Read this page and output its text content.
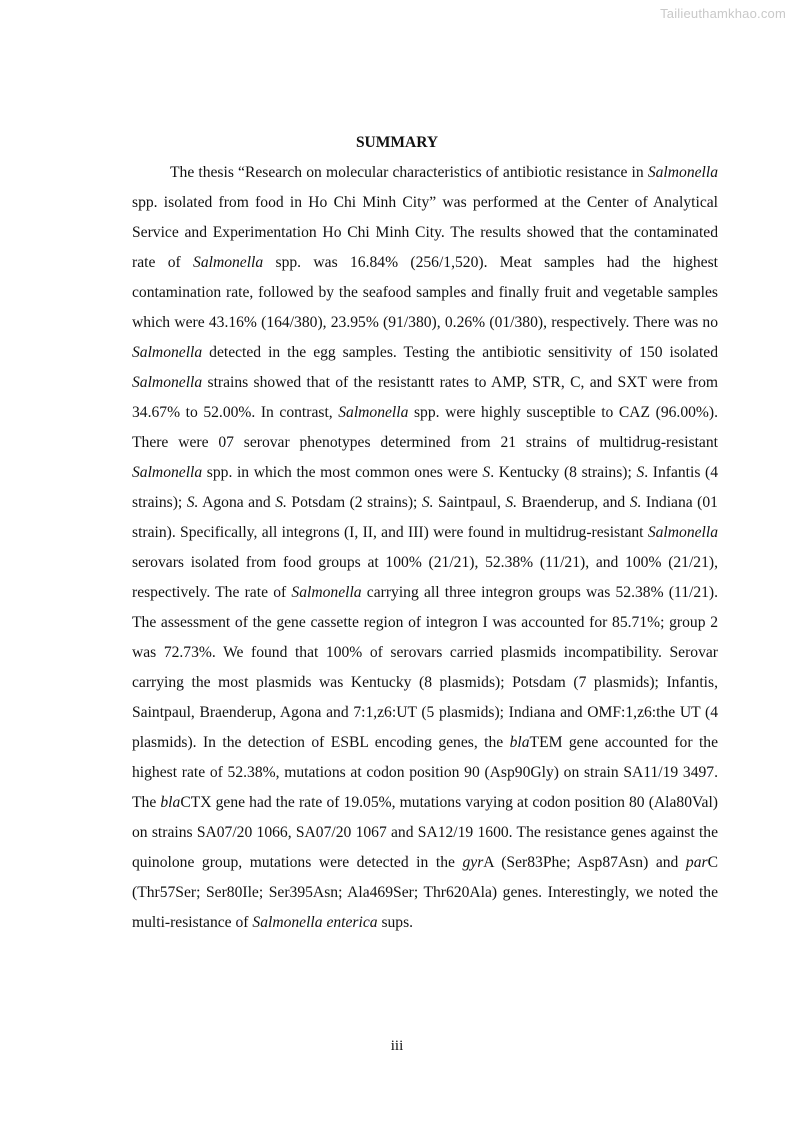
Tailieuthamkhao.com
SUMMARY

The thesis “Research on molecular characteristics of antibiotic resistance in Salmonella spp. isolated from food in Ho Chi Minh City” was performed at the Center of Analytical Service and Experimentation Ho Chi Minh City. The results showed that the contaminated rate of Salmonella spp. was 16.84% (256/1,520). Meat samples had the highest contamination rate, followed by the seafood samples and finally fruit and vegetable samples which were 43.16% (164/380), 23.95% (91/380), 0.26% (01/380), respectively. There was no Salmonella detected in the egg samples. Testing the antibiotic sensitivity of 150 isolated Salmonella strains showed that of the resistantt rates to AMP, STR, C, and SXT were from 34.67% to 52.00%. In contrast, Salmonella spp. were highly susceptible to CAZ (96.00%). There were 07 serovar phenotypes determined from 21 strains of multidrug-resistant Salmonella spp. in which the most common ones were S. Kentucky (8 strains); S. Infantis (4 strains); S. Agona and S. Potsdam (2 strains); S. Saintpaul, S. Braenderup, and S. Indiana (01 strain). Specifically, all integrons (I, II, and III) were found in multidrug-resistant Salmonella serovars isolated from food groups at 100% (21/21), 52.38% (11/21), and 100% (21/21), respectively. The rate of Salmonella carrying all three integron groups was 52.38% (11/21). The assessment of the gene cassette region of integron I was accounted for 85.71%; group 2 was 72.73%. We found that 100% of serovars carried plasmids incompatibility. Serovar carrying the most plasmids was Kentucky (8 plasmids); Potsdam (7 plasmids); Infantis, Saintpaul, Braenderup, Agona and 7:1,z6:UT (5 plasmids); Indiana and OMF:1,z6:the UT (4 plasmids). In the detection of ESBL encoding genes, the blaTEM gene accounted for the highest rate of 52.38%, mutations at codon position 90 (Asp90Gly) on strain SA11/19 3497. The blaCTX gene had the rate of 19.05%, mutations varying at codon position 80 (Ala80Val) on strains SA07/20 1066, SA07/20 1067 and SA12/19 1600. The resistance genes against the quinolone group, mutations were detected in the gyrA (Ser83Phe; Asp87Asn) and parC (Thr57Ser; Ser80Ile; Ser395Asn; Ala469Ser; Thr620Ala) genes. Interestingly, we noted the multi-resistance of Salmonella enterica sups.

iii
